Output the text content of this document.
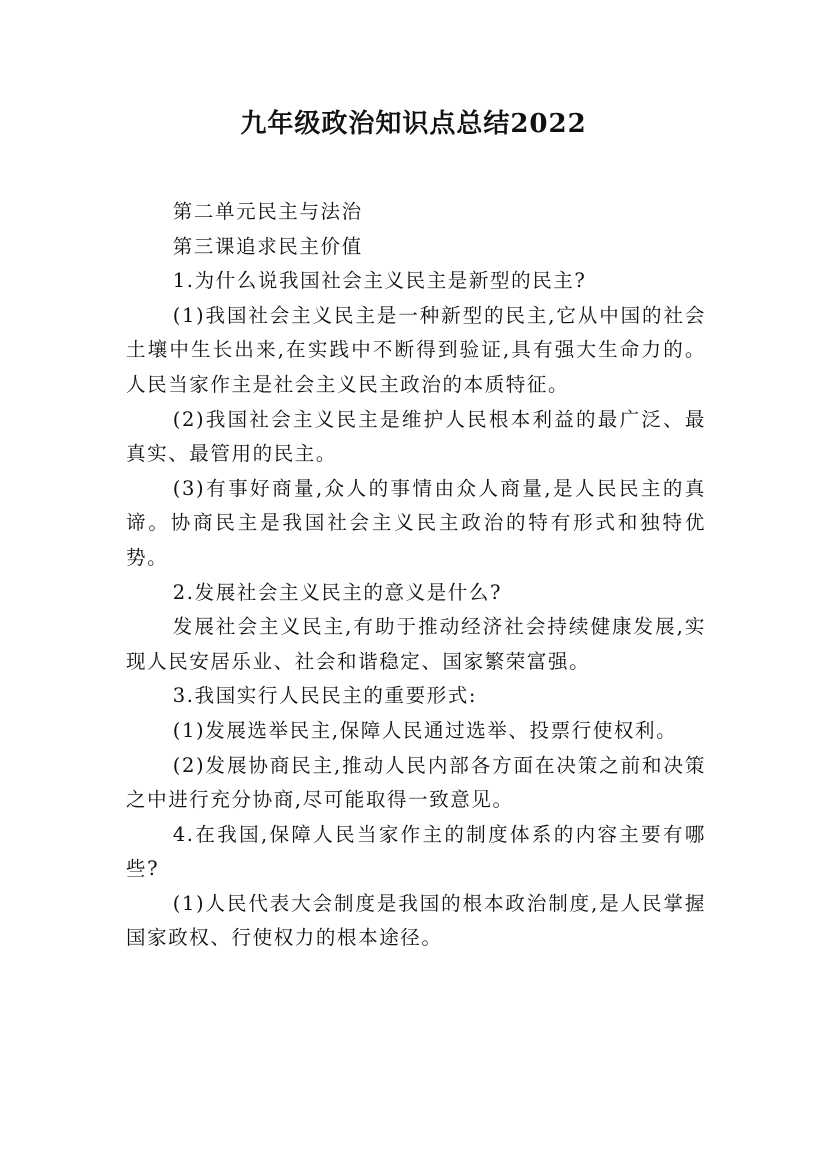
九年级政治知识点总结2022

第二单元民主与法治

第三课追求民主价值

1.为什么说我国社会主义民主是新型的民主?

(1)我国社会主义民主是一种新型的民主,它从中国的社会土壤中生长出来,在实践中不断得到验证,具有强大生命力的。人民当家作主是社会主义民主政治的本质特征。

(2)我国社会主义民主是维护人民根本利益的最广泛、最真实、最管用的民主。

(3)有事好商量,众人的事情由众人商量,是人民民主的真谛。协商民主是我国社会主义民主政治的特有形式和独特优势。

2.发展社会主义民主的意义是什么?

发展社会主义民主,有助于推动经济社会持续健康发展,实现人民安居乐业、社会和谐稳定、国家繁荣富强。

3.我国实行人民民主的重要形式:

(1)发展选举民主,保障人民通过选举、投票行使权利。

(2)发展协商民主,推动人民内部各方面在决策之前和决策之中进行充分协商,尽可能取得一致意见。

4.在我国,保障人民当家作主的制度体系的内容主要有哪些?

(1)人民代表大会制度是我国的根本政治制度,是人民掌握国家政权、行使权力的根本途径。
